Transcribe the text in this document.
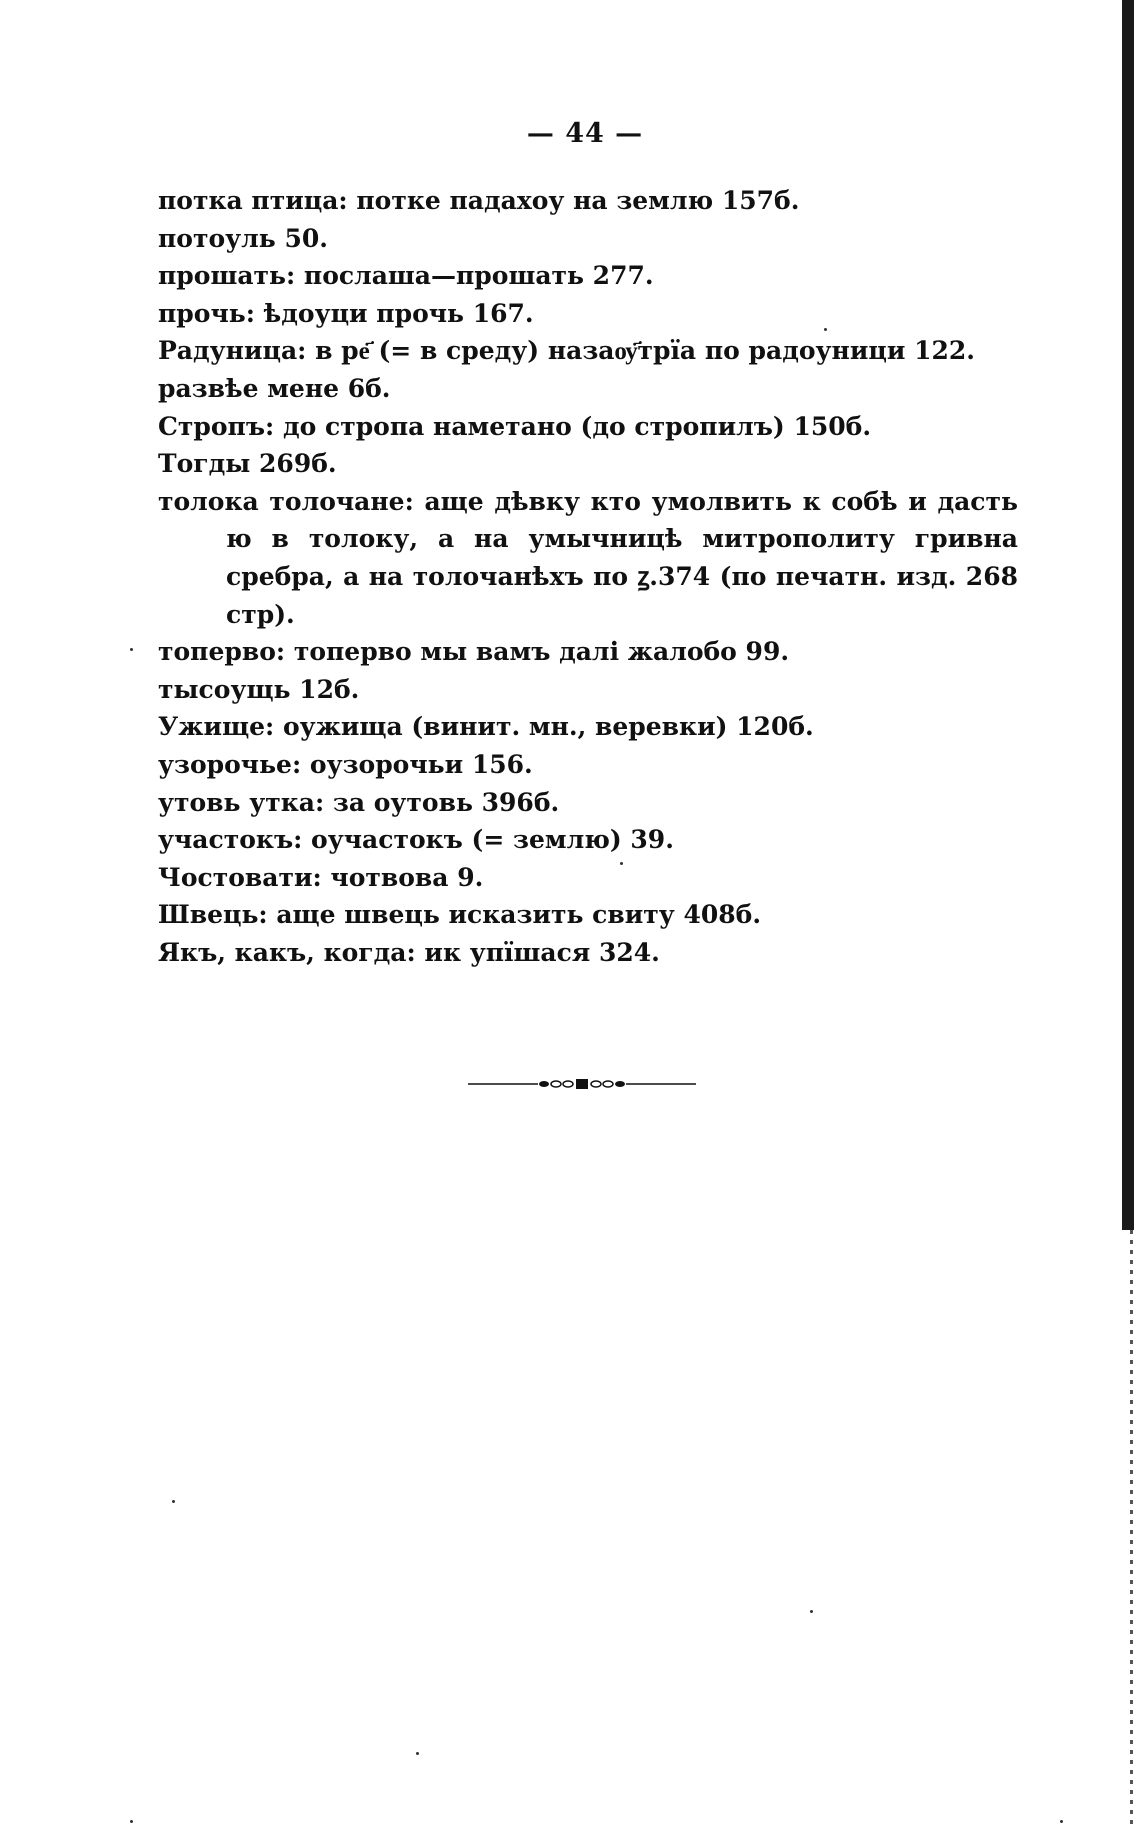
— 44 —

потка птица: потке падахоу на землю 157б.

потоуль 50.

прошать: послаша—прошать 277.

прочь: ѣдоуци прочь 167.

Радуница: в ре҃ (= в среду) назаѹ҃трїа по радоуници 122.

развѣе мене 6б.

Стропъ: до стропа наметано (до стропилъ) 150б.

Тогды 269б.

толока толочане: аще дѣвку кто умолвить к собѣ и дасть ю в толоку, а на умычницѣ митрополиту гривна сребра, а на толочанѣхъ по ꙁ.374 (по печатн. изд. 268 стр).

топерво: топерво мы вамъ далі жалобо 99.

тысоущь 12б.

Ужище: оужища (винит. мн., веревки) 120б.

узорочье: оузорочьи 156.

утовь утка: за оутовь 396б.

участокъ: оучастокъ (= землю) 39.

Чостовати: чотвова 9.

Швець: аще швець исказить свиту 408б.

Якъ, какъ, когда: ик упїшася 324.
